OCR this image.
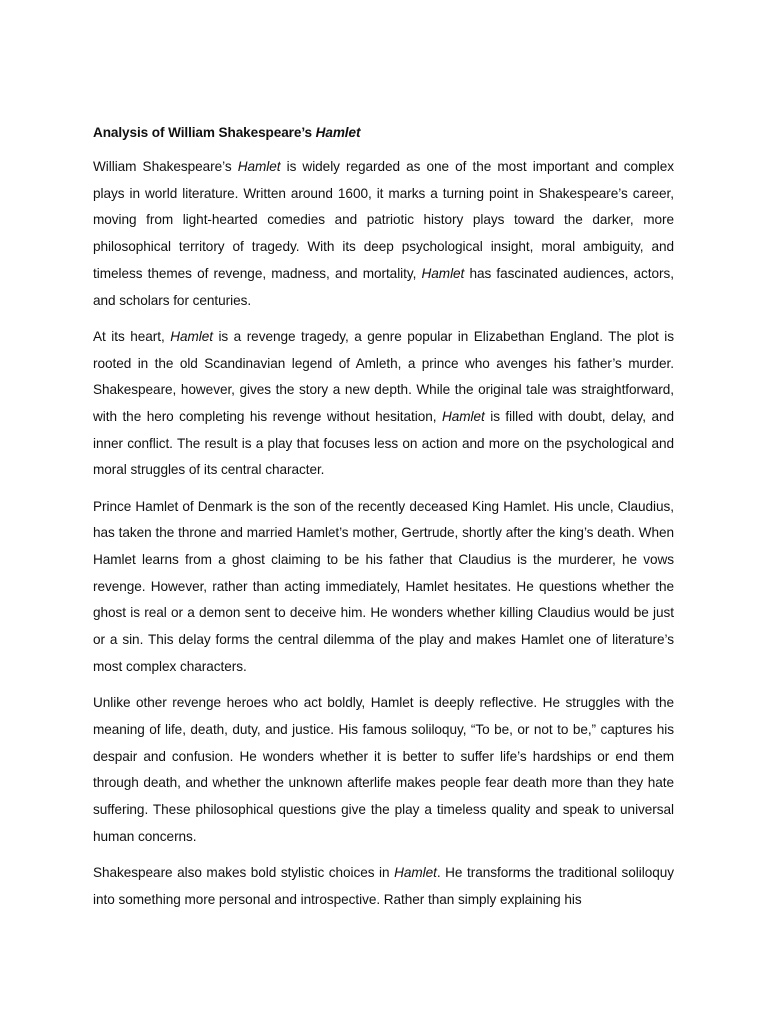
Analysis of William Shakespeare’s Hamlet

William Shakespeare’s Hamlet is widely regarded as one of the most important and complex plays in world literature. Written around 1600, it marks a turning point in Shakespeare’s career, moving from light-hearted comedies and patriotic history plays toward the darker, more philosophical territory of tragedy. With its deep psychological insight, moral ambiguity, and timeless themes of revenge, madness, and mortality, Hamlet has fascinated audiences, actors, and scholars for centuries.

At its heart, Hamlet is a revenge tragedy, a genre popular in Elizabethan England. The plot is rooted in the old Scandinavian legend of Amleth, a prince who avenges his father’s murder. Shakespeare, however, gives the story a new depth. While the original tale was straightforward, with the hero completing his revenge without hesitation, Hamlet is filled with doubt, delay, and inner conflict. The result is a play that focuses less on action and more on the psychological and moral struggles of its central character.

Prince Hamlet of Denmark is the son of the recently deceased King Hamlet. His uncle, Claudius, has taken the throne and married Hamlet’s mother, Gertrude, shortly after the king’s death. When Hamlet learns from a ghost claiming to be his father that Claudius is the murderer, he vows revenge. However, rather than acting immediately, Hamlet hesitates. He questions whether the ghost is real or a demon sent to deceive him. He wonders whether killing Claudius would be just or a sin. This delay forms the central dilemma of the play and makes Hamlet one of literature’s most complex characters.

Unlike other revenge heroes who act boldly, Hamlet is deeply reflective. He struggles with the meaning of life, death, duty, and justice. His famous soliloquy, “To be, or not to be,” captures his despair and confusion. He wonders whether it is better to suffer life’s hardships or end them through death, and whether the unknown afterlife makes people fear death more than they hate suffering. These philosophical questions give the play a timeless quality and speak to universal human concerns.

Shakespeare also makes bold stylistic choices in Hamlet. He transforms the traditional soliloquy into something more personal and introspective. Rather than simply explaining his
